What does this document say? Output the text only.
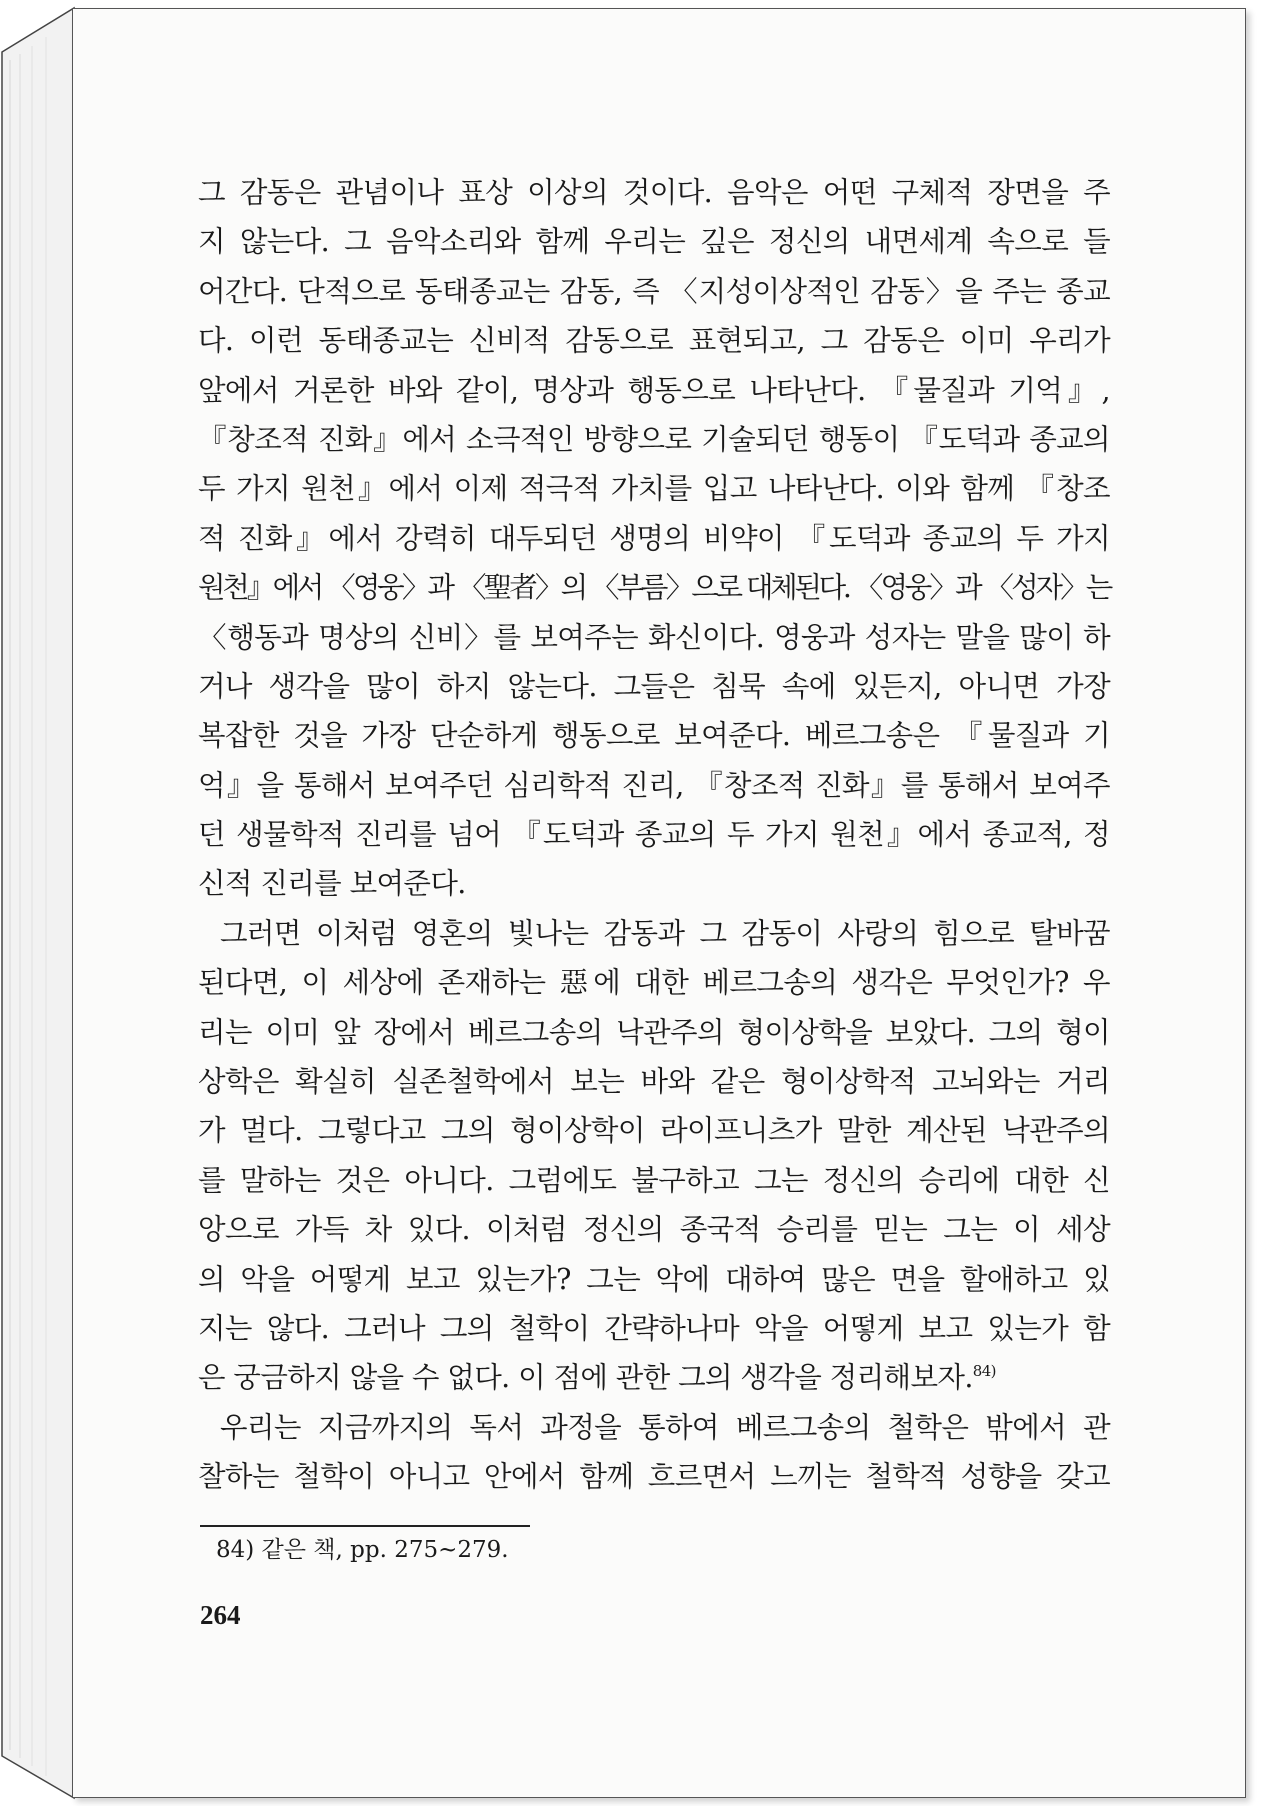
그 감동은 관념이나 표상 이상의 것이다. 음악은 어떤 구체적 장면을 주
지 않는다. 그 음악소리와 함께 우리는 깊은 정신의 내면세계 속으로 들
어간다. 단적으로 동태종교는 감동, 즉 〈지성이상적인 감동〉을 주는 종교
다. 이런 동태종교는 신비적 감동으로 표현되고, 그 감동은 이미 우리가
앞에서 거론한 바와 같이, 명상과 행동으로 나타난다. 『물질과 기억』,
『창조적 진화』에서 소극적인 방향으로 기술되던 행동이 『도덕과 종교의
두 가지 원천』에서 이제 적극적 가치를 입고 나타난다. 이와 함께 『창조
적 진화』에서 강력히 대두되던 생명의 비약이 『도덕과 종교의 두 가지
원천』에서 〈영웅〉과 〈聖者〉의 〈부름〉으로 대체된다. 〈영웅〉과 〈성자〉는
〈행동과 명상의 신비〉를 보여주는 화신이다. 영웅과 성자는 말을 많이 하
거나 생각을 많이 하지 않는다. 그들은 침묵 속에 있든지, 아니면 가장
복잡한 것을 가장 단순하게 행동으로 보여준다. 베르그송은 『물질과 기
억』을 통해서 보여주던 심리학적 진리, 『창조적 진화』를 통해서 보여주
던 생물학적 진리를 넘어 『도덕과 종교의 두 가지 원천』에서 종교적, 정
신적 진리를 보여준다.
그러면 이처럼 영혼의 빛나는 감동과 그 감동이 사랑의 힘으로 탈바꿈
된다면, 이 세상에 존재하는 惡에 대한 베르그송의 생각은 무엇인가? 우
리는 이미 앞 장에서 베르그송의 낙관주의 형이상학을 보았다. 그의 형이
상학은 확실히 실존철학에서 보는 바와 같은 형이상학적 고뇌와는 거리
가 멀다. 그렇다고 그의 형이상학이 라이프니츠가 말한 계산된 낙관주의
를 말하는 것은 아니다. 그럼에도 불구하고 그는 정신의 승리에 대한 신
앙으로 가득 차 있다. 이처럼 정신의 종국적 승리를 믿는 그는 이 세상
의 악을 어떻게 보고 있는가? 그는 악에 대하여 많은 면을 할애하고 있
지는 않다. 그러나 그의 철학이 간략하나마 악을 어떻게 보고 있는가 함
은 궁금하지 않을 수 없다. 이 점에 관한 그의 생각을 정리해보자.$^{84)}$
우리는 지금까지의 독서 과정을 통하여 베르그송의 철학은 밖에서 관
찰하는 철학이 아니고 안에서 함께 흐르면서 느끼는 철학적 성향을 갖고
84) 같은 책, pp. 275~279.
264
